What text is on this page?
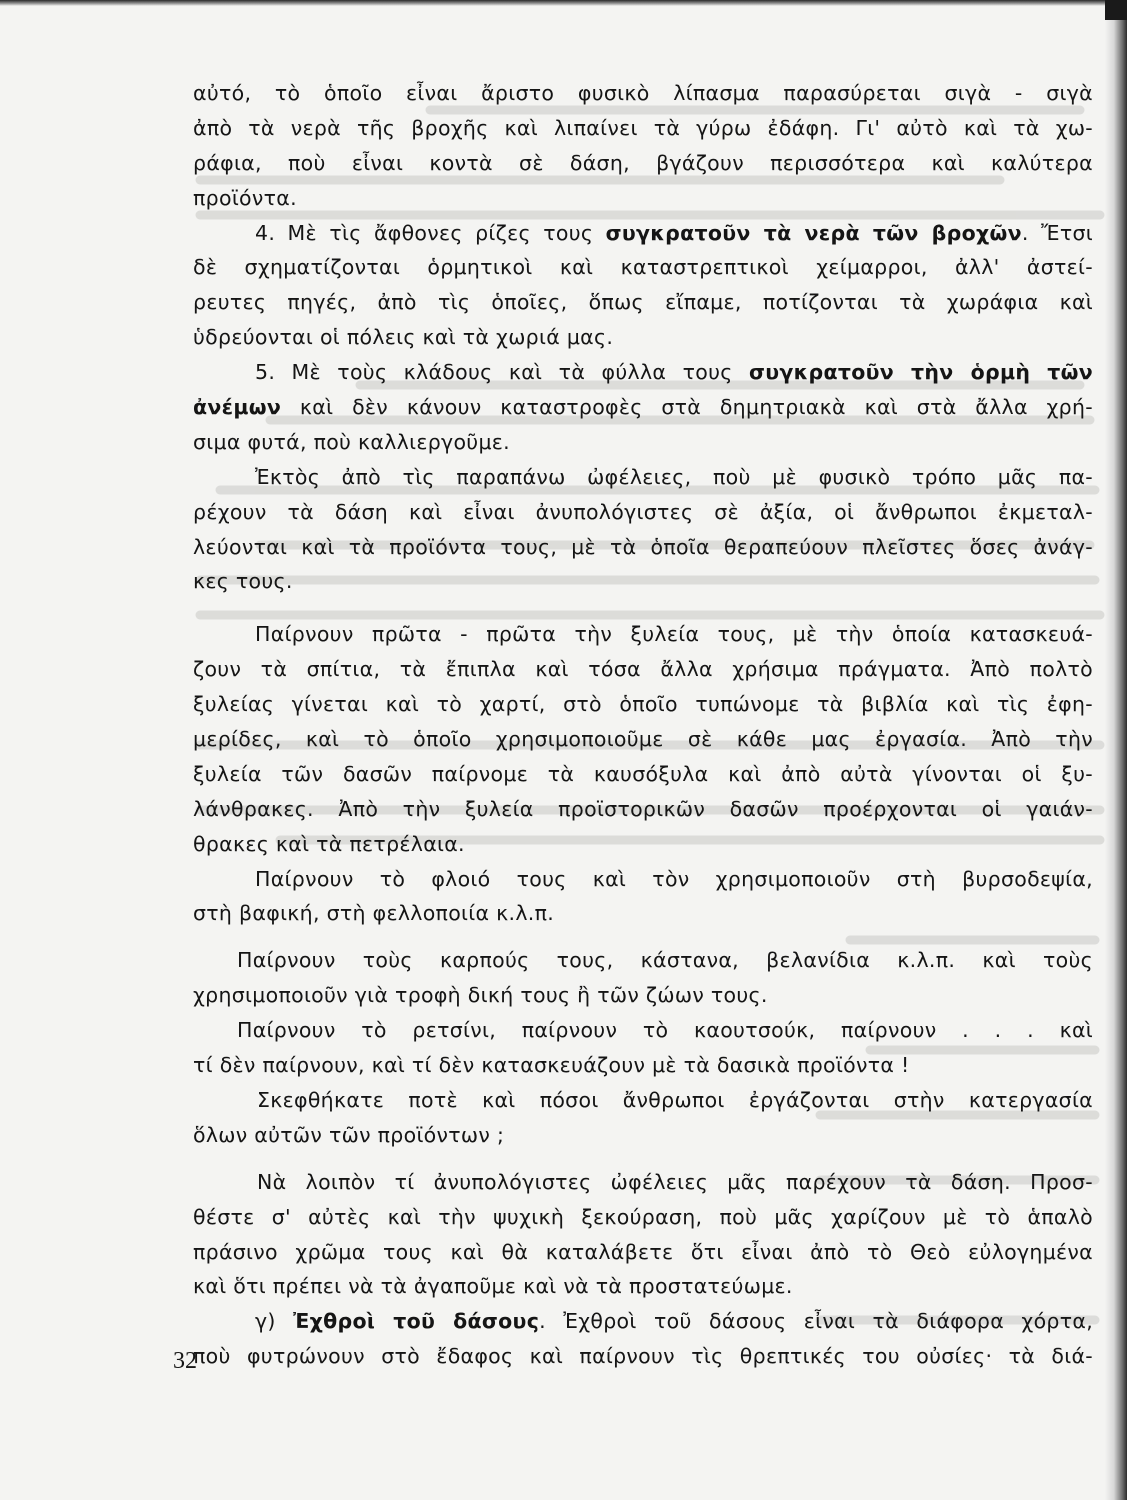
αὐτό, τὸ ὁποῖο εἶναι ἄριστο φυσικὸ λίπασμα παρασύρεται σιγὰ - σιγὰ
ἀπὸ τὰ νερὰ τῆς βροχῆς καὶ λιπαίνει τὰ γύρω ἐδάφη. Γι' αὐτὸ καὶ τὰ χω-
ράφια, ποὺ εἶναι κοντὰ σὲ δάση, βγάζουν περισσότερα καὶ καλύτερα
προϊόντα.
4. Μὲ τὶς ἄφθονες ρίζες τους συγκρατοῦν τὰ νερὰ τῶν βροχῶν. Ἔτσι
δὲ σχηματίζονται ὁρμητικοὶ καὶ καταστρεπτικοὶ χείμαρροι, ἀλλ' ἀστεί-
ρευτες πηγές, ἀπὸ τὶς ὁποῖες, ὅπως εἴπαμε, ποτίζονται τὰ χωράφια καὶ
ὑδρεύονται οἱ πόλεις καὶ τὰ χωριά μας.
5. Μὲ τοὺς κλάδους καὶ τὰ φύλλα τους συγκρατοῦν τὴν ὁρμὴ τῶν
ἀνέμων καὶ δὲν κάνουν καταστροφὲς στὰ δημητριακὰ καὶ στὰ ἄλλα χρή-
σιμα φυτά, ποὺ καλλιεργοῦμε.
Ἐκτὸς ἀπὸ τὶς παραπάνω ὠφέλειες, ποὺ μὲ φυσικὸ τρόπο μᾶς πα-
ρέχουν τὰ δάση καὶ εἶναι ἀνυπολόγιστες σὲ ἀξία, οἱ ἄνθρωποι ἐκμεταλ-
λεύονται καὶ τὰ προϊόντα τους, μὲ τὰ ὁποῖα θεραπεύουν πλεῖστες ὅσες ἀνάγ-
κες τους.
Παίρνουν πρῶτα - πρῶτα τὴν ξυλεία τους, μὲ τὴν ὁποία κατασκευά-
ζουν τὰ σπίτια, τὰ ἔπιπλα καὶ τόσα ἄλλα χρήσιμα πράγματα. Ἀπὸ πολτὸ
ξυλείας γίνεται καὶ τὸ χαρτί, στὸ ὁποῖο τυπώνομε τὰ βιβλία καὶ τὶς ἐφη-
μερίδες, καὶ τὸ ὁποῖο χρησιμοποιοῦμε σὲ κάθε μας ἐργασία. Ἀπὸ τὴν
ξυλεία τῶν δασῶν παίρνομε τὰ καυσόξυλα καὶ ἀπὸ αὐτὰ γίνονται οἱ ξυ-
λάνθρακες. Ἀπὸ τὴν ξυλεία προϊστορικῶν δασῶν προέρχονται οἱ γαιάν-
θρακες καὶ τὰ πετρέλαια.
Παίρνουν τὸ φλοιό τους καὶ τὸν χρησιμοποιοῦν στὴ βυρσοδεψία,
στὴ βαφική, στὴ φελλοποιία κ.λ.π.
Παίρνουν τοὺς καρπούς τους, κάστανα, βελανίδια κ.λ.π. καὶ τοὺς
χρησιμοποιοῦν γιὰ τροφὴ δική τους ἢ τῶν ζώων τους.
Παίρνουν τὸ ρετσίνι, παίρνουν τὸ καουτσούκ, παίρνουν . . . καὶ
τί δὲν παίρνουν, καὶ τί δὲν κατασκευάζουν μὲ τὰ δασικὰ προϊόντα !
Σκεφθήκατε ποτὲ καὶ πόσοι ἄνθρωποι ἐργάζονται στὴν κατεργασία
ὅλων αὐτῶν τῶν προϊόντων ;
Νὰ λοιπὸν τί ἀνυπολόγιστες ὠφέλειες μᾶς παρέχουν τὰ δάση. Προσ-
θέστε σ' αὐτὲς καὶ τὴν ψυχικὴ ξεκούραση, ποὺ μᾶς χαρίζουν μὲ τὸ ἁπαλὸ
πράσινο χρῶμα τους καὶ θὰ καταλάβετε ὅτι εἶναι ἀπὸ τὸ Θεὸ εὐλογημένα
καὶ ὅτι πρέπει νὰ τὰ ἀγαποῦμε καὶ νὰ τὰ προστατεύωμε.
γ) Ἐχθροὶ τοῦ δάσους. Ἐχθροὶ τοῦ δάσους εἶναι τὰ διάφορα χόρτα,
ποὺ φυτρώνουν στὸ ἔδαφος καὶ παίρνουν τὶς θρεπτικές του οὐσίες· τὰ διά-
32
